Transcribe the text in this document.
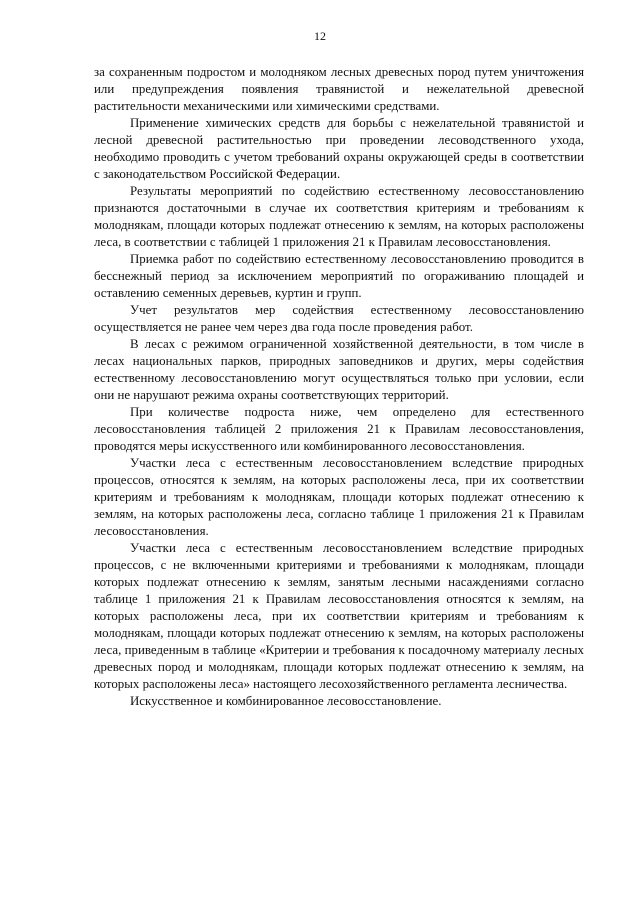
12

за сохраненным подростом и молодняком лесных древесных пород путем уничтожения или предупреждения появления травянистой и нежелательной древесной растительности механическими или химическими средствами.

Применение химических средств для борьбы с нежелательной травянистой и лесной древесной растительностью при проведении лесоводственного ухода, необходимо проводить с учетом требований охраны окружающей среды в соответствии с законодательством Российской Федерации.

Результаты мероприятий по содействию естественному лесовосстановлению признаются достаточными в случае их соответствия критериям и требованиям к молоднякам, площади которых подлежат отнесению к землям, на которых расположены леса, в соответствии с таблицей 1 приложения 21 к Правилам лесовосстановления.

Приемка работ по содействию естественному лесовосстановлению проводится в бесснежный период за исключением мероприятий по огораживанию площадей и оставлению семенных деревьев, куртин и групп.

Учет результатов мер содействия естественному лесовосстановлению осуществляется не ранее чем через два года после проведения работ.

В лесах с режимом ограниченной хозяйственной деятельности, в том числе в лесах национальных парков, природных заповедников и других, меры содействия естественному лесовосстановлению могут осуществляться только при условии, если они не нарушают режима охраны соответствующих территорий.

При количестве подроста ниже, чем определено для естественного лесовосстановления таблицей 2 приложения 21 к Правилам лесовосстановления, проводятся меры искусственного или комбинированного лесовосстановления.

Участки леса с естественным лесовосстановлением вследствие природных процессов, относятся к землям, на которых расположены леса, при их соответствии критериям и требованиям к молоднякам, площади которых подлежат отнесению к землям, на которых расположены леса, согласно таблице 1 приложения 21 к Правилам лесовосстановления.

Участки леса с естественным лесовосстановлением вследствие природных процессов, с не включенными критериями и требованиями к молоднякам, площади которых подлежат отнесению к землям, занятым лесными насаждениями согласно таблице 1 приложения 21 к Правилам лесовосстановления относятся к землям, на которых расположены леса, при их соответствии критериям и требованиям к молоднякам, площади которых подлежат отнесению к землям, на которых расположены леса, приведенным в таблице «Критерии и требования к посадочному материалу лесных древесных пород и молоднякам, площади которых подлежат отнесению к землям, на которых расположены леса» настоящего лесохозяйственного регламента лесничества.

Искусственное и комбинированное лесовосстановление.
